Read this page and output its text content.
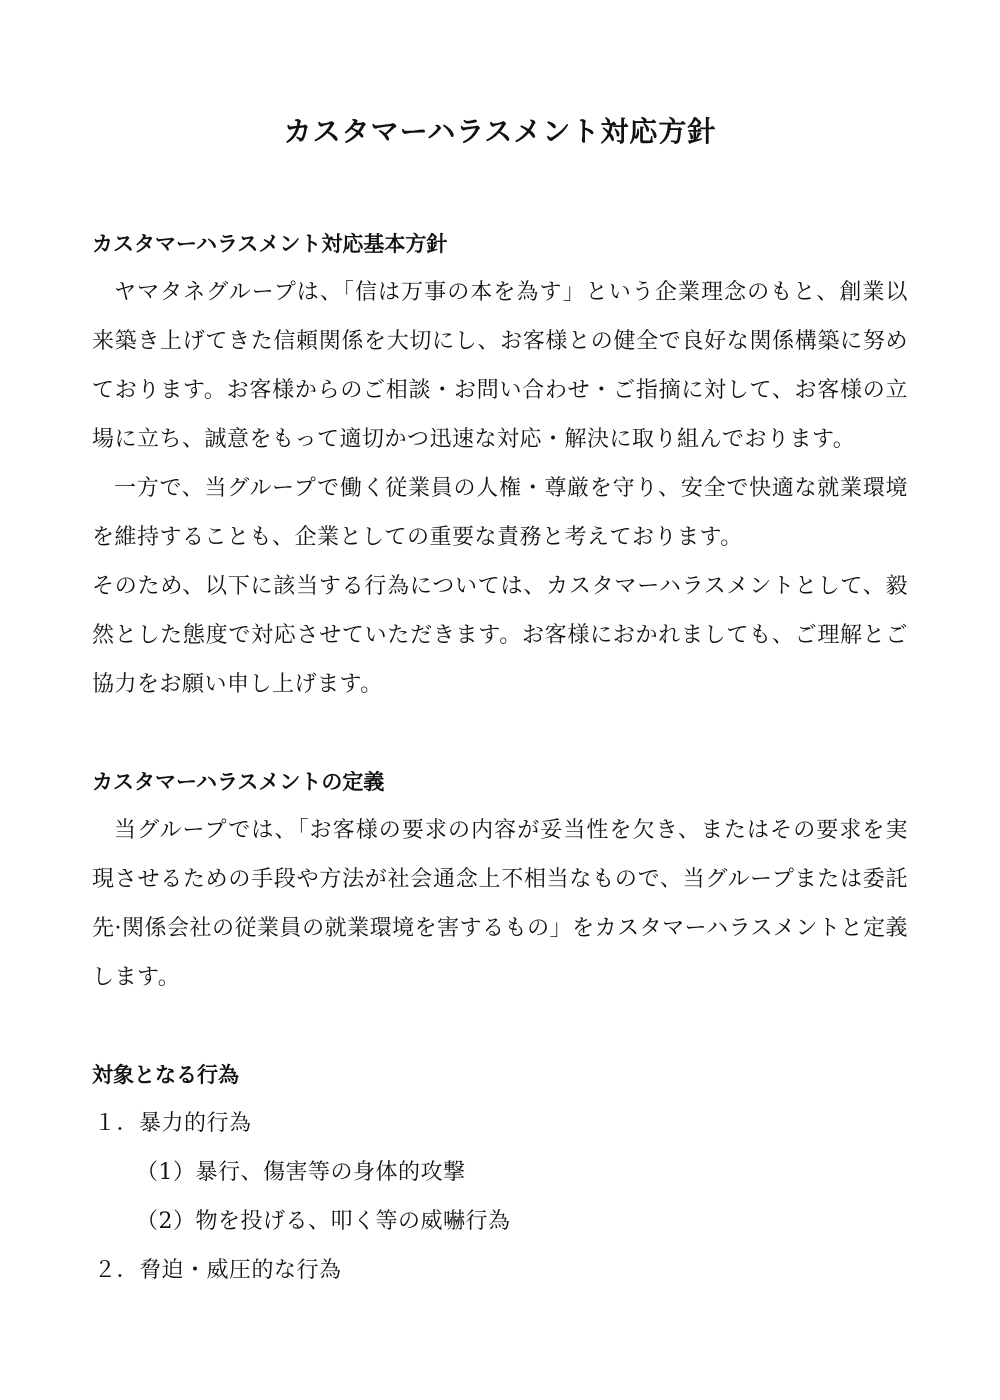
カスタマーハラスメント対応方針
カスタマーハラスメント対応基本方針

ヤマタネグループは、「信は万事の本を為す」という企業理念のもと、創業以来築き上げてきた信頼関係を大切にし、お客様との健全で良好な関係構築に努めております。お客様からのご相談・お問い合わせ・ご指摘に対して、お客様の立場に立ち、誠意をもって適切かつ迅速な対応・解決に取り組んでおります。

一方で、当グループで働く従業員の人権・尊厳を守り、安全で快適な就業環境を維持することも、企業としての重要な責務と考えております。

そのため、以下に該当する行為については、カスタマーハラスメントとして、毅然とした態度で対応させていただきます。お客様におかれましても、ご理解とご協力をお願い申し上げます。

カスタマーハラスメントの定義

当グループでは、「お客様の要求の内容が妥当性を欠き、またはその要求を実現させるための手段や方法が社会通念上不相当なもので、当グループまたは委託先·関係会社の従業員の就業環境を害するもの」をカスタマーハラスメントと定義します。

対象となる行為
１．暴力的行為
（1）暴行、傷害等の身体的攻撃
（2）物を投げる、叩く等の威嚇行為
２．脅迫・威圧的な行為
